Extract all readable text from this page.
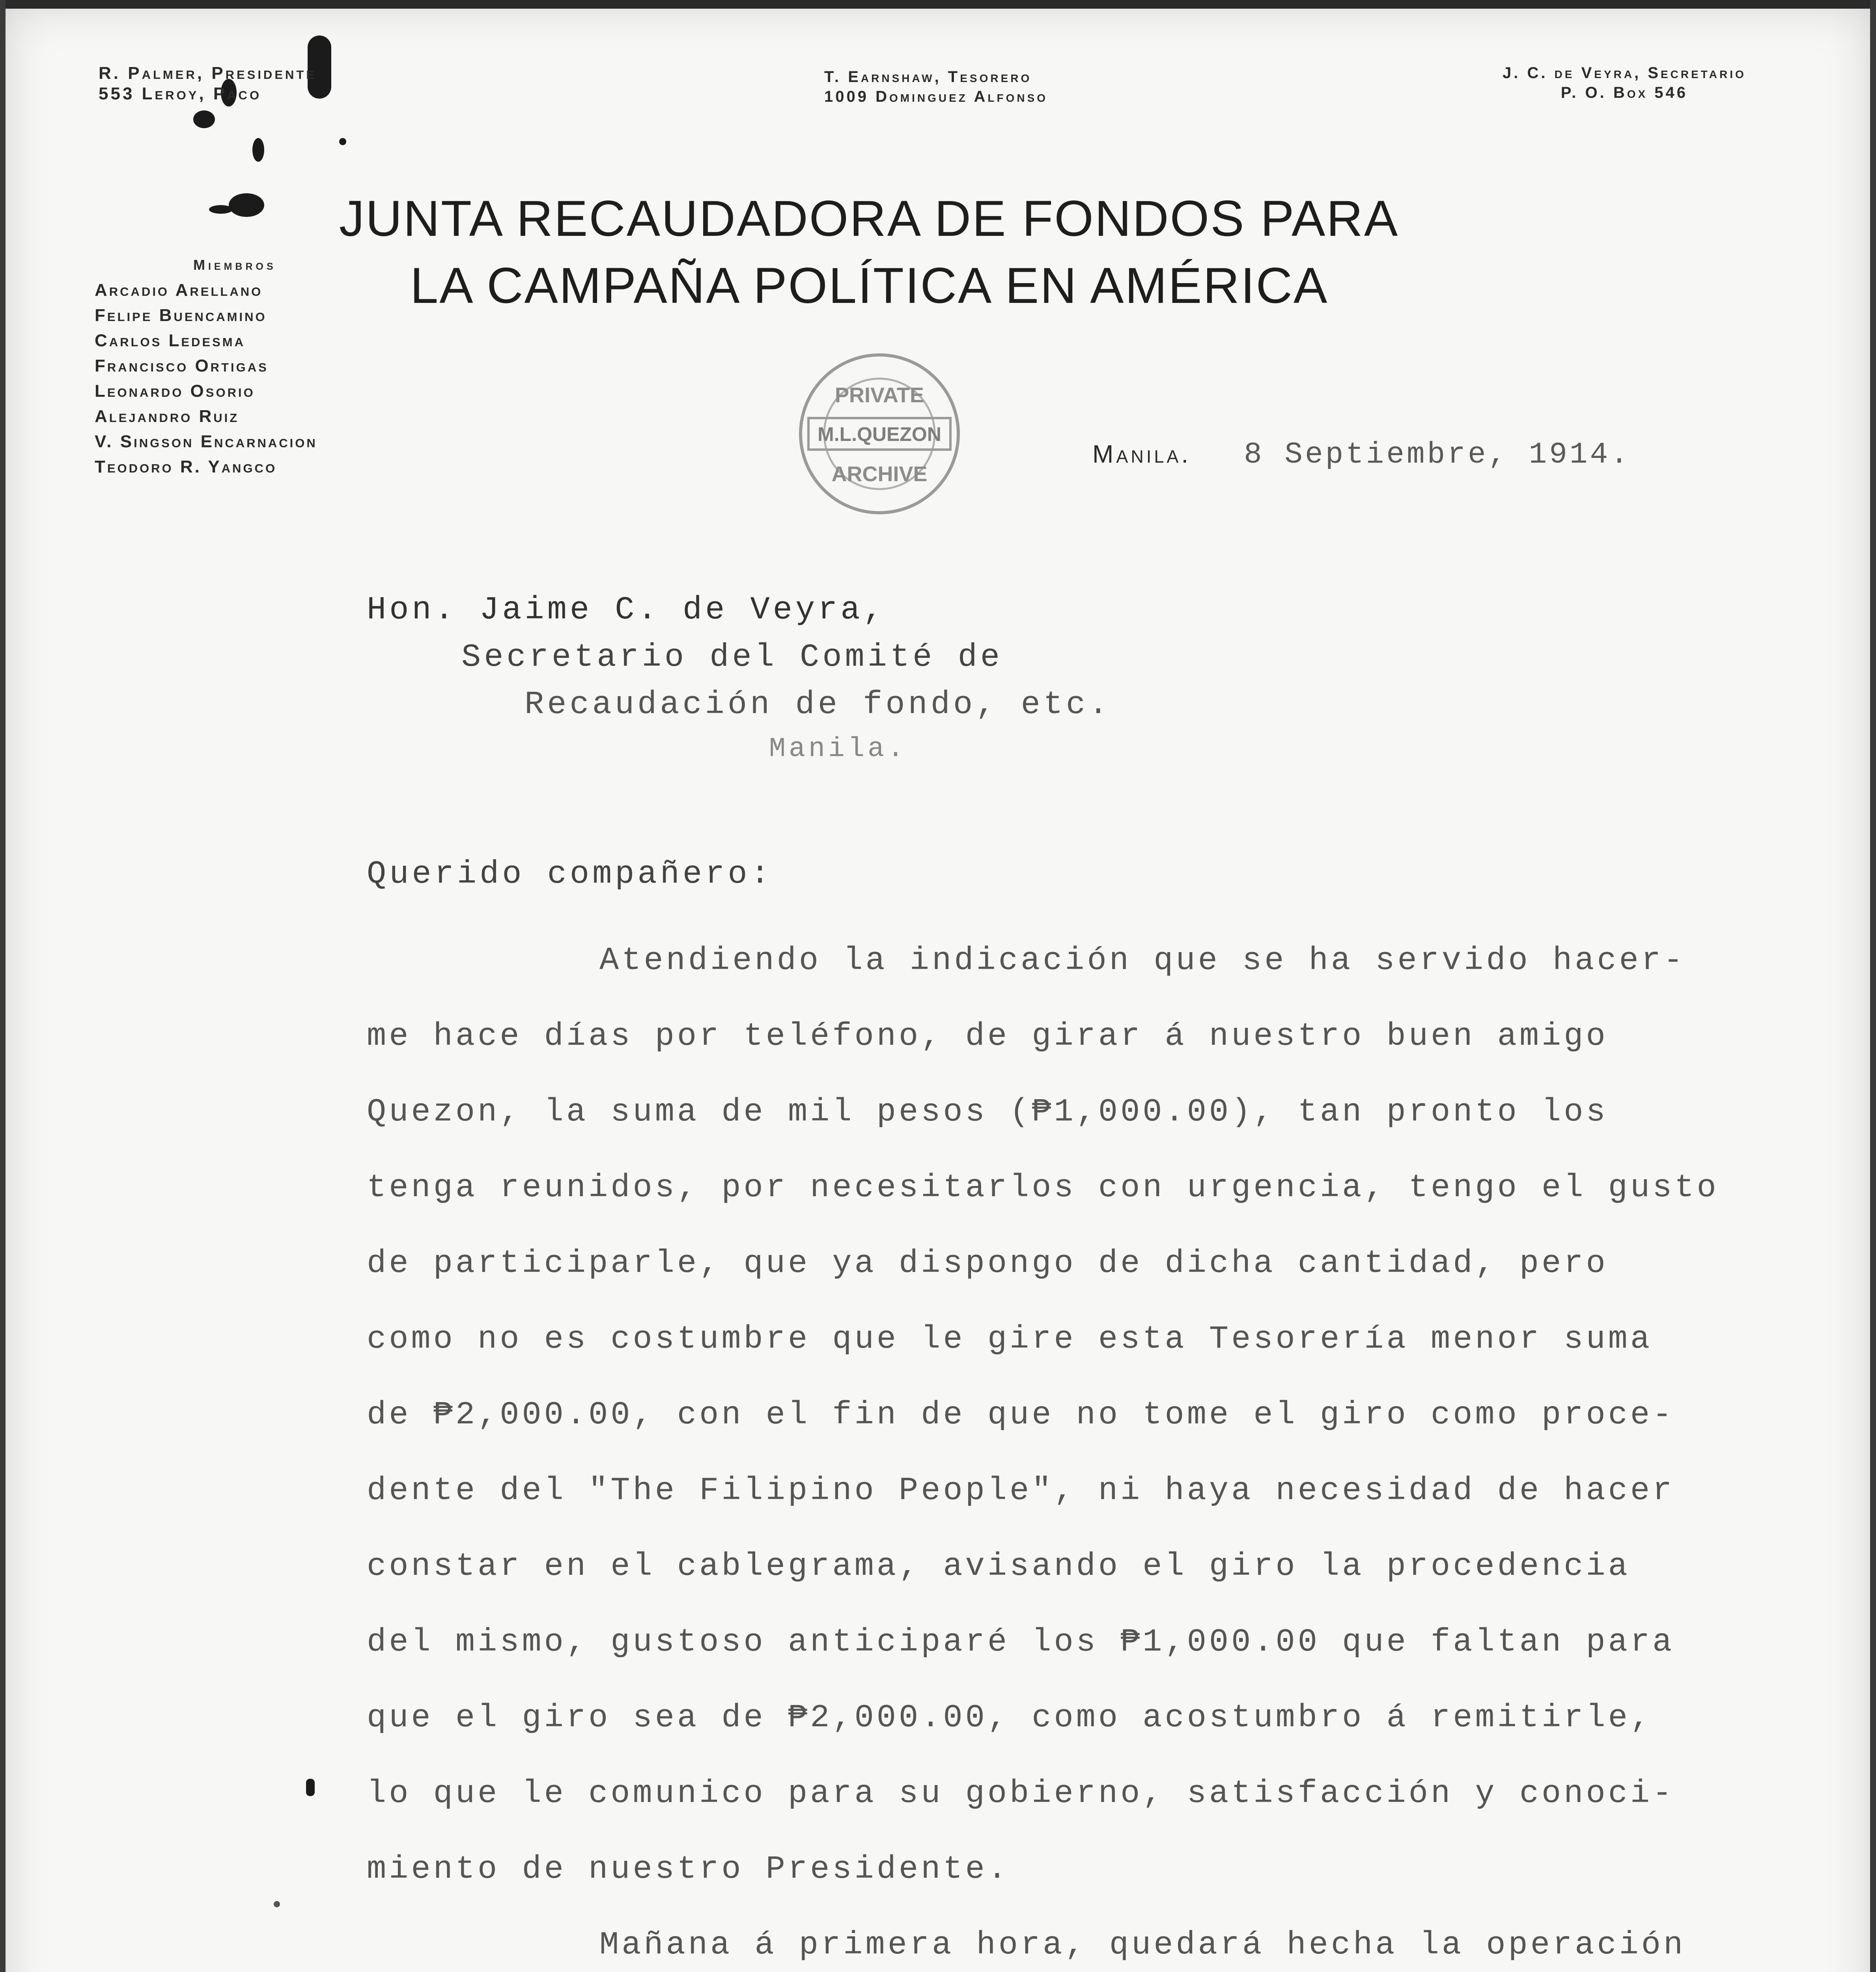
R. Palmer, Presidente
553 Leroy, Paco
T. Earnshaw, Tesorero
1009 Dominguez Alfonso
J. C. de Veyra, Secretario
P. O. Box 546
JUNTA RECAUDADORA DE FONDOS PARA
LA CAMPAÑA POLÍTICA EN AMÉRICA
Miembros
Arcadio Arellano
Felipe Buencamino
Carlos Ledesma
Francisco Ortigas
Leonardo Osorio
Alejandro Ruiz
V. Singson Encarnacion
Teodoro R. Yangco
PRIVATE
M.L.QUEZON
ARCHIVE
Manila. 8 Septiembre, 1914.
Hon. Jaime C. de Veyra,
Secretario del Comité de
Recaudación de fondo, etc.
Manila.
Querido compañero:
Atendiendo la indicación que se ha servido hacer-
me hace días por teléfono, de girar á nuestro buen amigo
Quezon, la suma de mil pesos (₱1,000.00), tan pronto los
tenga reunidos, por necesitarlos con urgencia, tengo el gusto
de participarle, que ya dispongo de dicha cantidad, pero
como no es costumbre que le gire esta Tesorería menor suma
de ₱2,000.00, con el fin de que no tome el giro como proce-
dente del "The Filipino People", ni haya necesidad de hacer
constar en el cablegrama, avisando el giro la procedencia
del mismo, gustoso anticiparé los ₱1,000.00 que faltan para
que el giro sea de ₱2,000.00, como acostumbro á remitirle,
lo que le comunico para su gobierno, satisfacción y conoci-
miento de nuestro Presidente.
Mañana á primera hora, quedará hecha la operación
